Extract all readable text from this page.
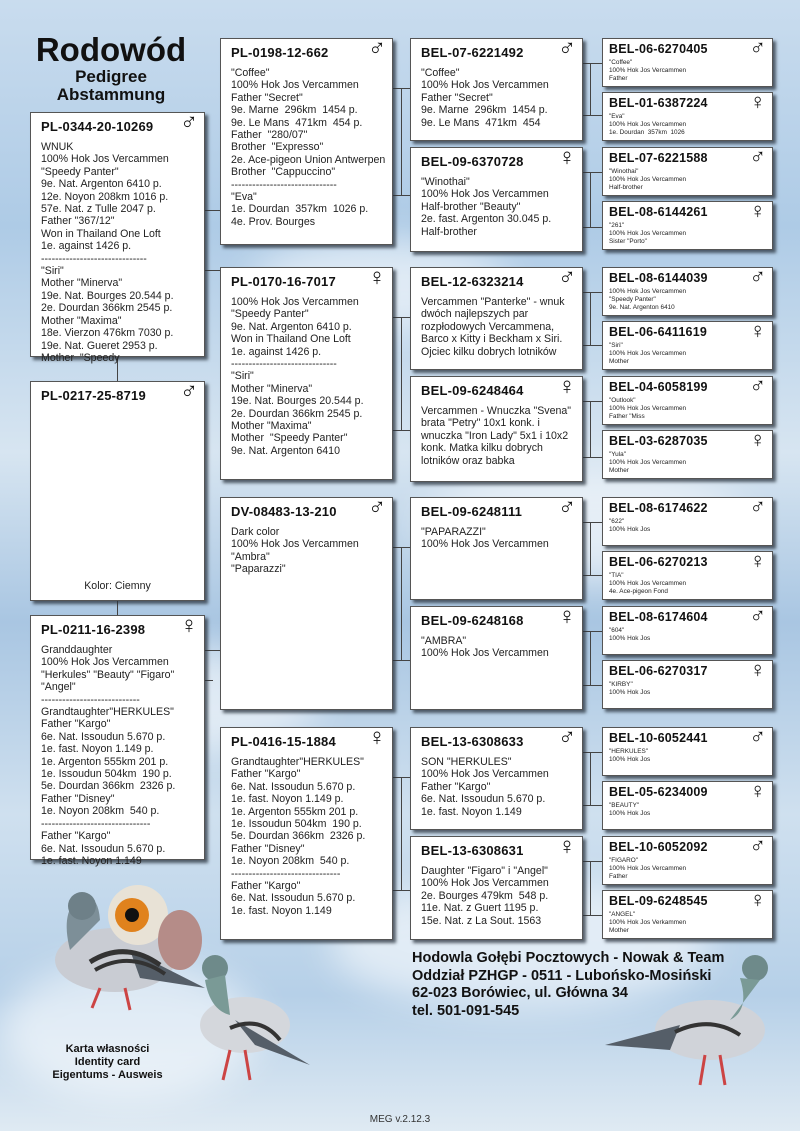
Rodowód
Pedigree
Abstammung
PL-0344-20-10269 ♂
WNUK
100% Hok Jos Vercammen
"Speedy Panter"
9e. Nat. Argenton 6410 p.
12e. Noyon 208km 1016 p.
57e. Nat. z Tulle 2047 p.
Father "367/12"
Won in Thailand One Loft
1e. against 1426 p.
------------------------------
"Siri"
Mother "Minerva"
19e. Nat. Bourges 20.544 p.
2e. Dourdan 366km 2545 p.
Mother "Maxima"
18e. Vierzon 476km 7030 p.
19e. Nat. Gueret 2953 p.
Mother  "Speedy
PL-0217-25-8719 ♂
Kolor: Ciemny
PL-0211-16-2398 ♀
Granddaughter
100% Hok Jos Vercammen
"Herkules" "Beauty" "Figaro"
"Angel"
----------------------------
Grandtaughter"HERKULES"
Father "Kargo"
6e. Nat. Issoudun 5.670 p.
1e. fast. Noyon 1.149 p.
1e. Argenton 555km 201 p.
1e. Issoudun 504km  190 p.
5e. Dourdan 366km  2326 p.
Father "Disney"
1e. Noyon 208km  540 p.
-------------------------------
Father "Kargo"
6e. Nat. Issoudun 5.670 p.
1e. fast. Noyon 1.149
PL-0198-12-662 ♂
"Coffee"
100% Hok Jos Vercammen
Father "Secret"
9e. Marne  296km  1454 p.
9e. Le Mans  471km  454 p.
Father  "280/07"
Brother  "Expresso"
2e. Ace-pigeon Union Antwerpen
Brother  "Cappuccino"
------------------------------
"Eva"
1e. Dourdan  357km  1026 p.
4e. Prov. Bourges
PL-0170-16-7017 ♀
100% Hok Jos Vercammen
"Speedy Panter"
9e. Nat. Argenton 6410 p.
Won in Thailand One Loft
1e. against 1426 p.
------------------------------
"Siri"
Mother "Minerva"
19e. Nat. Bourges 20.544 p.
2e. Dourdan 366km 2545 p.
Mother "Maxima"
Mother  "Speedy Panter"
9e. Nat. Argenton 6410
DV-08483-13-210 ♂
Dark color
100% Hok Jos Vercammen
"Ambra"
"Paparazzi"
PL-0416-15-1884 ♀
Grandtaughter"HERKULES"
Father "Kargo"
6e. Nat. Issoudun 5.670 p.
1e. fast. Noyon 1.149 p.
1e. Argenton 555km 201 p.
1e. Issoudun 504km  190 p.
5e. Dourdan 366km  2326 p.
Father "Disney"
1e. Noyon 208km  540 p.
-------------------------------
Father "Kargo"
6e. Nat. Issoudun 5.670 p.
1e. fast. Noyon 1.149
BEL-07-6221492 ♂
"Coffee"
100% Hok Jos Vercammen
Father "Secret"
9e. Marne  296km  1454 p.
9e. Le Mans  471km  454
BEL-09-6370728 ♀
"Winothai"
100% Hok Jos Vercammen
Half-brother "Beauty"
2e. fast. Argenton 30.045 p.
Half-brother
BEL-12-6323214 ♂
Vercammen "Panterke" - wnuk
dwóch najlepszych par
rozpłodowych Vercammena,
Barco x Kitty i Beckham x Siri.
Ojciec kilku dobrych lotników
BEL-09-6248464 ♀
Vercammen - Wnuczka "Svena"
brata "Petry" 10x1 konk. i
wnuczka "Iron Lady" 5x1 i 10x2
konk. Matka kilku dobrych
lotników oraz babka
BEL-09-6248111 ♂
"PAPARAZZI"
100% Hok Jos Vercammen
BEL-09-6248168 ♀
"AMBRA"
100% Hok Jos Vercammen
BEL-13-6308633 ♂
SON "HERKULES"
100% Hok Jos Vercammen
Father "Kargo"
6e. Nat. Issoudun 5.670 p.
1e. fast. Noyon 1.149
BEL-13-6308631 ♀
Daughter "Figaro" i "Angel"
100% Hok Jos Vercammen
2e. Bourges 479km  548 p.
11e. Nat. z Guert 1195 p.
15e. Nat. z La Sout. 1563
BEL-06-6270405 ♂
"Coffee"
100% Hok Jos Vercammen
Father
BEL-01-6387224 ♀
"Eva"
100% Hok Jos Vercammen
1e. Dourdan  357km  1026
BEL-07-6221588 ♂
"Winothai"
100% Hok Jos Vercammen
Half-brother
BEL-08-6144261 ♀
"261"
100% Hok Jos Vercammen
Sister "Porto"
BEL-08-6144039 ♂
100% Hok Jos Vercammen
"Speedy Panter"
9e. Nat. Argenton 6410
BEL-06-6411619 ♀
"Siri"
100% Hok Jos Vercammen
Mother
BEL-04-6058199 ♂
"Outlook"
100% Hok Jos Vercammen
Father "Miss
BEL-03-6287035 ♀
"Yula"
100% Hok Jos Vercammen
Mother
BEL-08-6174622 ♂
"622"
100% Hok Jos
BEL-06-6270213 ♀
"TIA"
100% Hok Jos Vercammen
4e. Ace-pigeon Fond
BEL-08-6174604 ♂
"604"
100% Hok Jos
BEL-06-6270317 ♀
"KIRBY"
100% Hok Jos
BEL-10-6052441 ♂
"HERKULES"
100% Hok Jos
BEL-05-6234009 ♀
"BEAUTY"
100% Hok Jos
BEL-10-6052092 ♂
"FIGARO"
100% Hok Jos Vercammen
Father
BEL-09-6248545 ♀
"ANGEL"
100% Hok Jos Verkammen
Mother
Hodowla Gołębi Pocztowych - Nowak & Team
Oddział PZHGP - 0511 - Lubońsko-Mosiński
62-023 Borówiec, ul. Główna 34
tel. 501-091-545
Karta własności
Identity card
Eigentums - Ausweis
MEG v.2.12.3
